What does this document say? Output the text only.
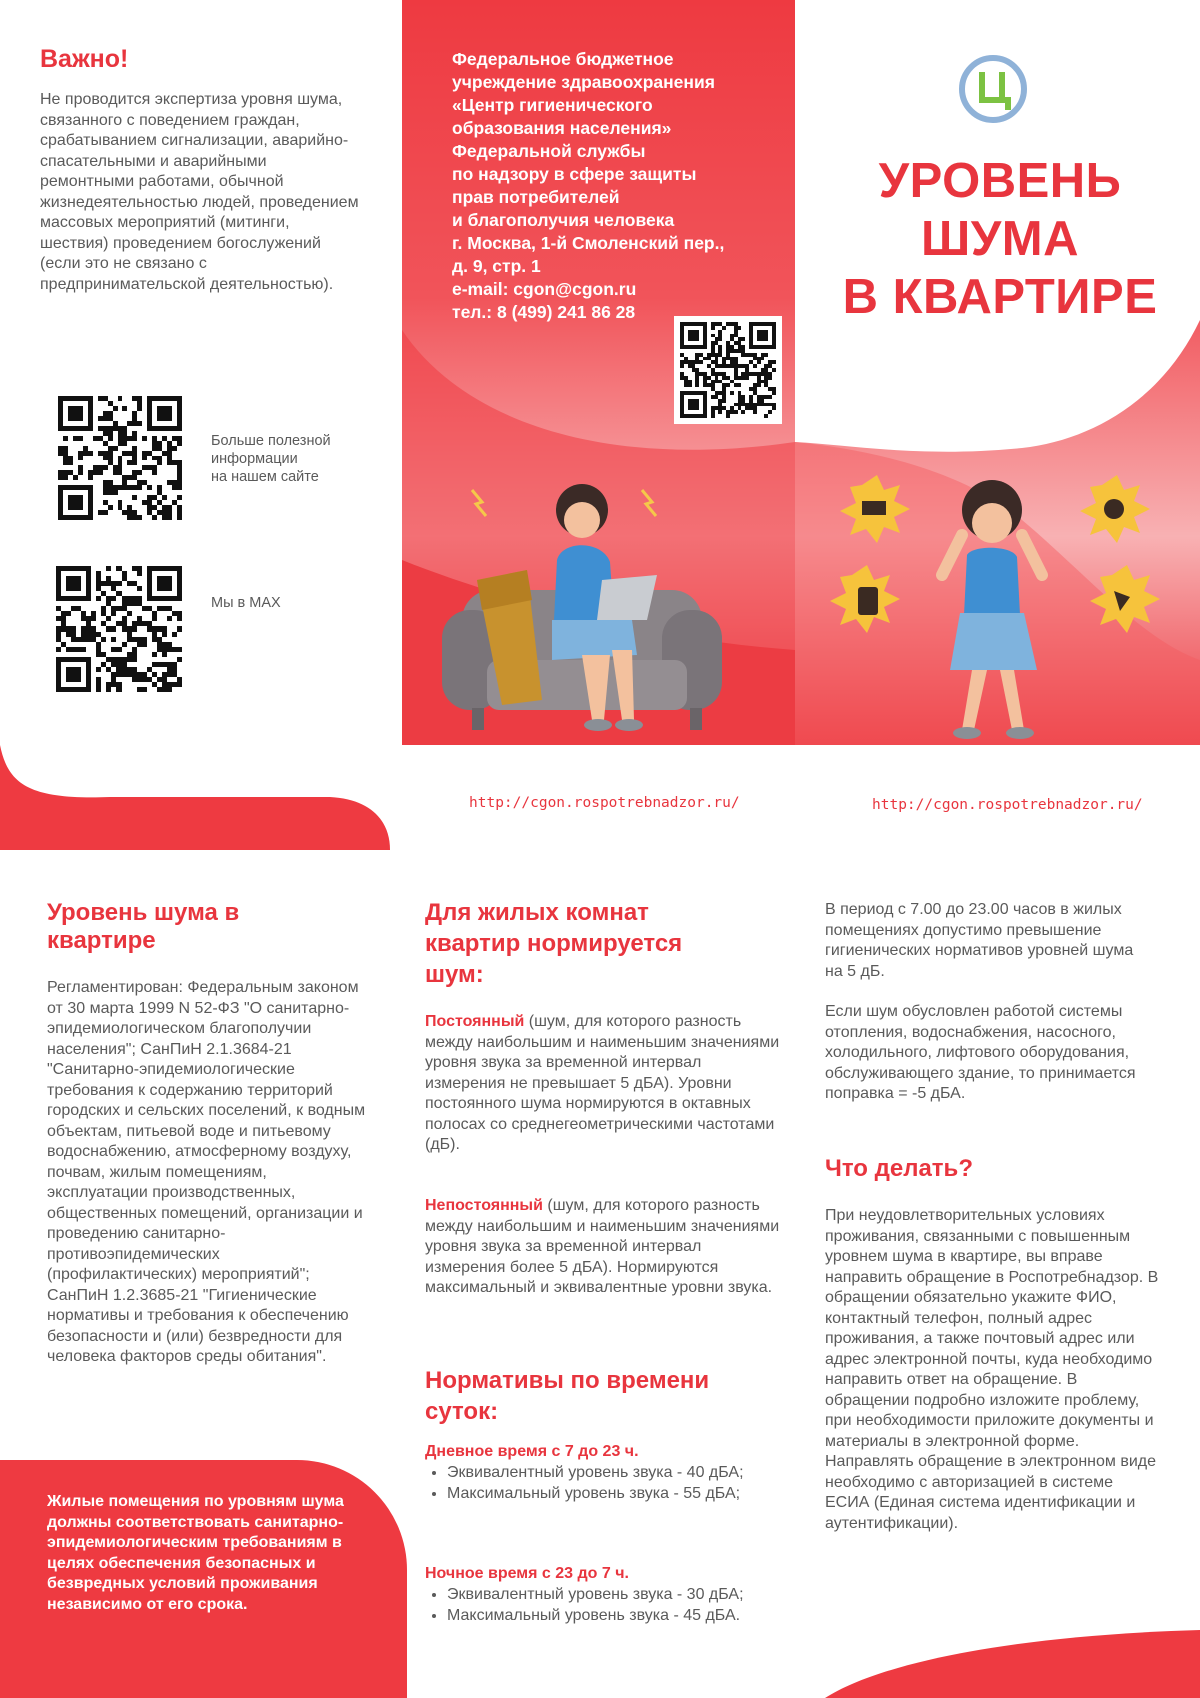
Важно!

Не проводится экспертиза уровня шума, связанного с поведением граждан, срабатыванием сигнализации, аварийно-спасательными и аварийными ремонтными работами, обычной жизнедеятельностью людей, проведением массовых мероприятий (митинги, шествия) проведением богослужений (если это не связано с предпринимательской деятельностью).

Больше полезной
информации
на нашем сайте

Мы в MAX

Федеральное бюджетное
учреждение здравоохранения
«Центр гигиенического
образования населения»
Федеральной службы
по надзору в сфере защиты
прав потребителей
и благополучия человека
г. Москва, 1-й Смоленский пер.,
д. 9, стр. 1
e-mail: cgon@cgon.ru
тел.: 8 (499) 241 86 28

УРОВЕНЬ
ШУМА
В КВАРТИРЕ
http://cgon.rospotrebnadzor.ru/	http://cgon.rospotrebnadzor.ru/
Уровень шума в квартире

Регламентирован: Федеральным законом от 30 марта 1999 N 52-ФЗ "О санитарно-эпидемиологическом благополучии населения"; СанПиН 2.1.3684-21 "Санитарно-эпидемиологические требования к содержанию территорий городских и сельских поселений, к водным объектам, питьевой воде и питьевому водоснабжению, атмосферному воздуху, почвам, жилым помещениям, эксплуатации производственных, общественных помещений, организации и проведению санитарно-противоэпидемических (профилактических) мероприятий"; СанПиН 1.2.3685-21 "Гигиенические нормативы и требования к обеспечению безопасности и (или) безвредности для человека факторов среды обитания".

Жилые помещения по уровням шума должны соответствовать санитарно-эпидемиологическим требованиям в целях обеспечения безопасных и безвредных условий проживания независимо от его срока.

Для жилых комнат квартир нормируется шум:

Постоянный (шум, для которого разность между наибольшим и наименьшим значениями уровня звука за временной интервал измерения не превышает 5 дБА). Уровни постоянного шума нормируются в октавных полосах со среднегеометрическими частотами (дБ).

Непостоянный (шум, для которого разность между наибольшим и наименьшим значениями уровня звука за временной интервал измерения более 5 дБА). Нормируются максимальный и эквивалентные уровни звука.

Нормативы по времени суток:

Дневное время с 7 до 23 ч.

• Эквивалентный уровень звука - 40 дБА;
• Максимальный уровень звука - 55 дБА;

Ночное время с 23 до 7 ч.

• Эквивалентный уровень звука - 30 дБА;
• Максимальный уровень звука - 45 дБА.

В период с 7.00 до 23.00 часов в жилых помещениях допустимо превышение гигиенических нормативов уровней шума на 5 дБ.

Если шум обусловлен работой системы отопления, водоснабжения, насосного, холодильного, лифтового оборудования, обслуживающего здание, то принимается поправка = -5 дБА.

Что делать?

При неудовлетворительных условиях проживания, связанными с повышенным уровнем шума в квартире, вы вправе направить обращение в Роспотребнадзор. В обращении обязательно укажите ФИО, контактный телефон, полный адрес проживания, а также почтовый адрес или адрес электронной почты, куда необходимо направить ответ на обращение. В обращении подробно изложите проблему, при необходимости приложите документы и материалы в электронной форме. Направлять обращение в электронном виде необходимо с авторизацией в системе ЕСИА (Единая система идентификации и аутентификации).
